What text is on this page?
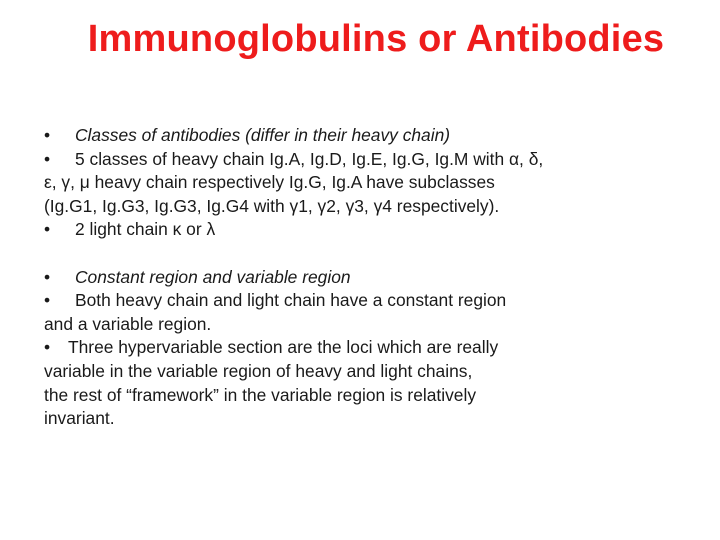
Immunoglobulins or Antibodies
• Classes of antibodies (differ in their heavy chain)
• 5 classes of heavy chain Ig.A, Ig.D, Ig.E, Ig.G, Ig.M with α, δ,
ε, γ, μ heavy chain respectively Ig.G, Ig.A have subclasses
(Ig.G1, Ig.G3, Ig.G3, Ig.G4 with γ1, γ2, γ3, γ4 respectively).
• 2 light chain κ or λ
• Constant region and variable region
• Both heavy chain and light chain have a constant region
and a variable region.
• Three hypervariable section are the loci which are really
variable in the variable region of heavy and light chains,
the rest of “framework” in the variable region is relatively
invariant.
